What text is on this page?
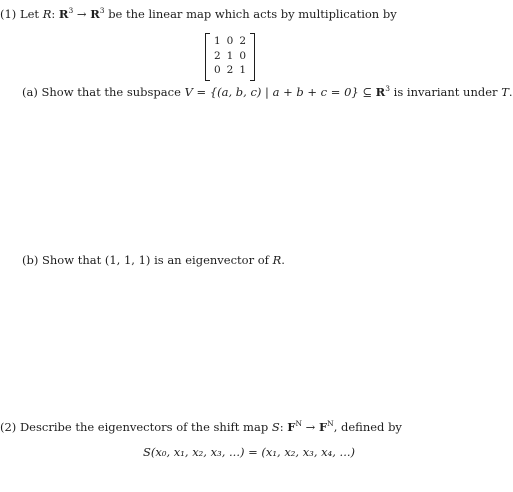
(1) Let R: $R^3 \to R^3$ be the linear map which acts by multiplication by
1 0 2
2 1 0
0 2 1
(a) Show that the subspace V = {(a, b, c) | a + b + c = 0} ⊆ $R^3$ is invariant under T.
(b) Show that (1, 1, 1) is an eigenvector of R.
(2) Describe the eigenvectors of the shift map S: $F^N \to F^N$, defined by
S(x₀, x₁, x₂, x₃, ...) = (x₁, x₂, x₃, x₄, ...)
